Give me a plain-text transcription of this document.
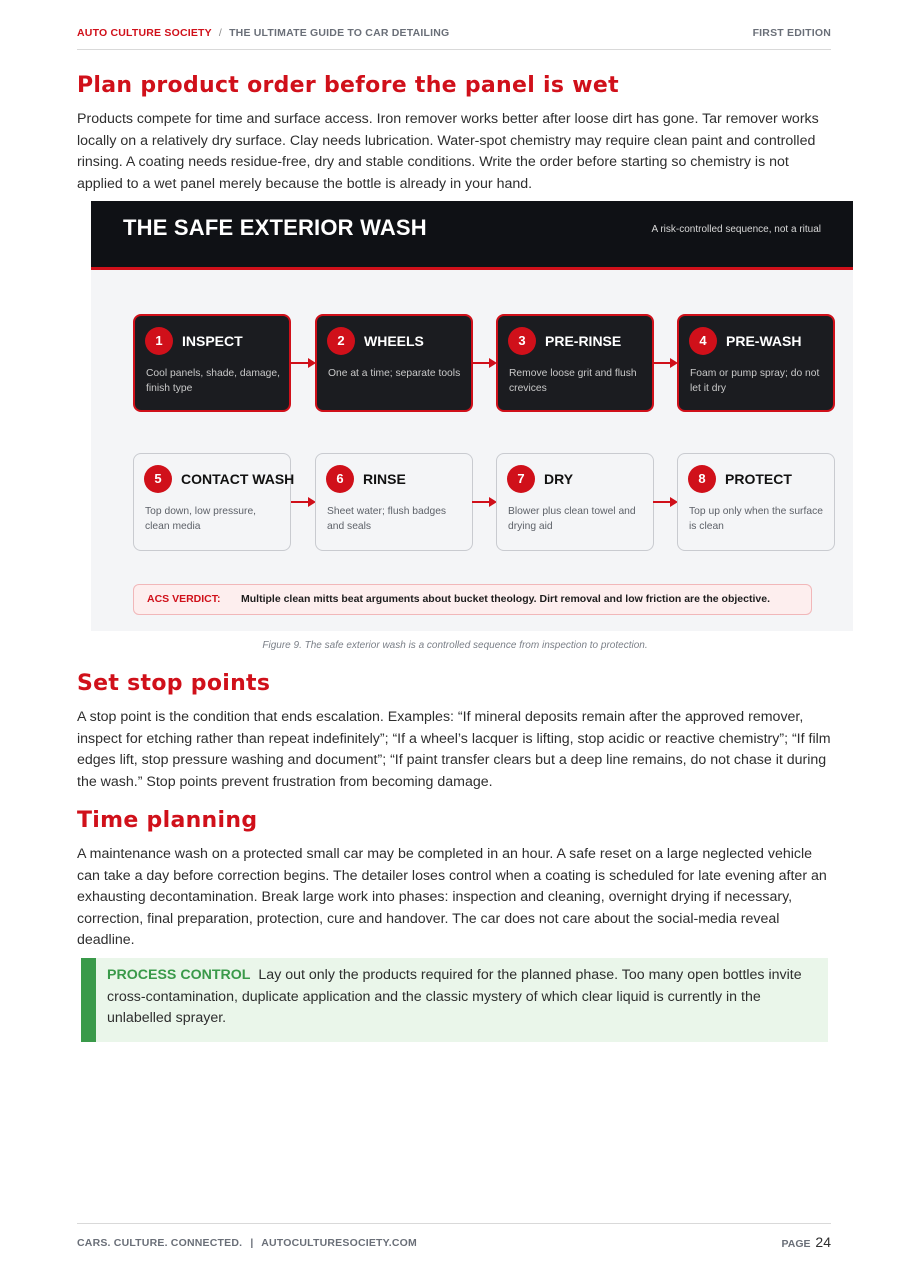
AUTO CULTURE SOCIETY / THE ULTIMATE GUIDE TO CAR DETAILING	FIRST EDITION
Plan product order before the panel is wet

Products compete for time and surface access. Iron remover works better after loose dirt has gone. Tar remover works locally on a relatively dry surface. Clay needs lubrication. Water-spot chemistry may require clean paint and controlled rinsing. A coating needs residue-free, dry and stable conditions. Write the order before starting so chemistry is not applied to a wet panel merely because the bottle is already in your hand.

THE SAFE EXTERIOR WASH	A risk-controlled sequence, not a ritual
1	INSPECT
Cool panels, shade, damage, finish type
2	WHEELS
One at a time; separate tools
3	PRE-RINSE
Remove loose grit and flush crevices
4	PRE-WASH
Foam or pump spray; do not let it dry
5	CONTACT WASH
Top down, low pressure, clean media
6	RINSE
Sheet water; flush badges and seals
7	DRY
Blower plus clean towel and drying aid
8	PROTECT
Top up only when the surface is clean
ACS VERDICT: Multiple clean mitts beat arguments about bucket theology. Dirt removal and low friction are the objective.
Figure 9. The safe exterior wash is a controlled sequence from inspection to protection.
Set stop points

A stop point is the condition that ends escalation. Examples: “If mineral deposits remain after the approved remover, inspect for etching rather than repeat indefinitely”; “If a wheel’s lacquer is lifting, stop acidic or reactive chemistry”; “If film edges lift, stop pressure washing and document”; “If paint transfer clears but a deep line remains, do not chase it during the wash.” Stop points prevent frustration from becoming damage.

Time planning

A maintenance wash on a protected small car may be completed in an hour. A safe reset on a large neglected vehicle can take a day before correction begins. The detailer loses control when a coating is scheduled for late evening after an exhausting decontamination. Break large work into phases: inspection and cleaning, overnight drying if necessary, correction, final preparation, protection, cure and handover. The car does not care about the social-media reveal deadline.

PROCESS CONTROL Lay out only the products required for the planned phase. Too many open bottles invite cross-contamination, duplicate application and the classic mystery of which clear liquid is currently in the unlabelled sprayer.
CARS. CULTURE. CONNECTED. | AUTOCULTURESOCIETY.COM	PAGE 24
